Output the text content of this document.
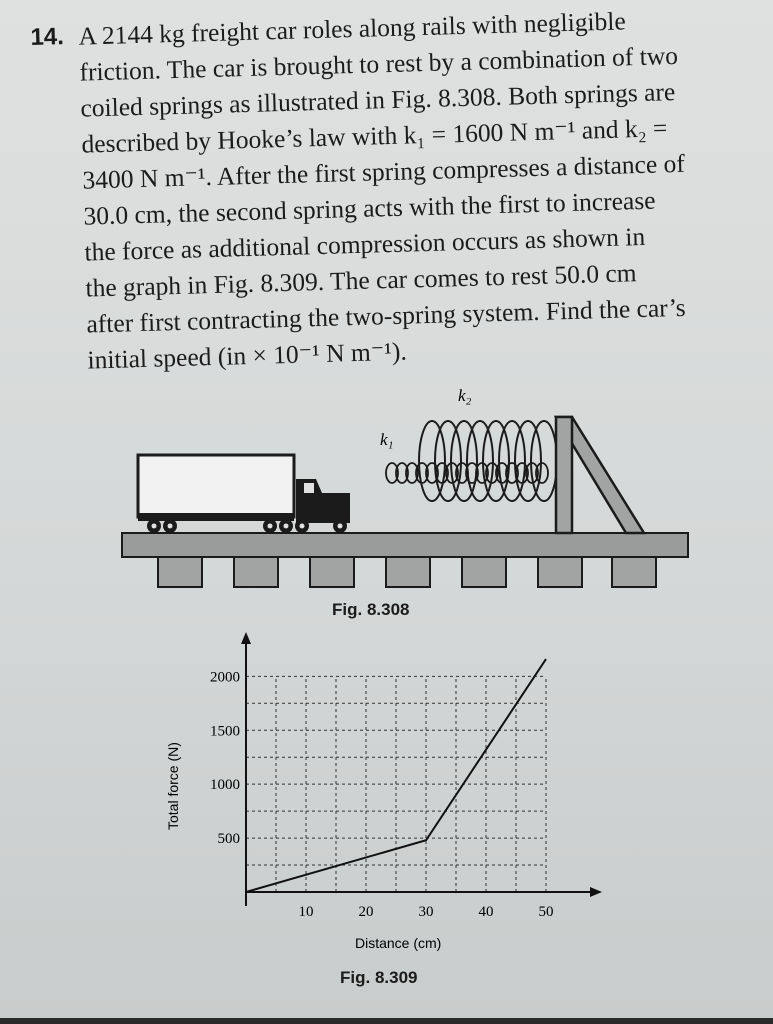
14. A 2144 kg freight car roles along rails with negligible
friction. The car is brought to rest by a combination of two
coiled springs as illustrated in Fig. 8.308. Both springs are
described by Hooke’s law with k₁ = 1600 N m⁻¹ and k₂ =
3400 N m⁻¹. After the first spring compresses a distance of
30.0 cm, the second spring acts with the first to increase
the force as additional compression occurs as shown in
the graph in Fig. 8.309. The car comes to rest 50.0 cm
after first contracting the two-spring system. Find the car’s
initial speed (in × 10⁻¹ N m⁻¹).
k₂
k₁
Fig. 8.308
10	20	30	40	50
500
1000
1500
2000
Total force (N)
Distance (cm)
Fig. 8.309
